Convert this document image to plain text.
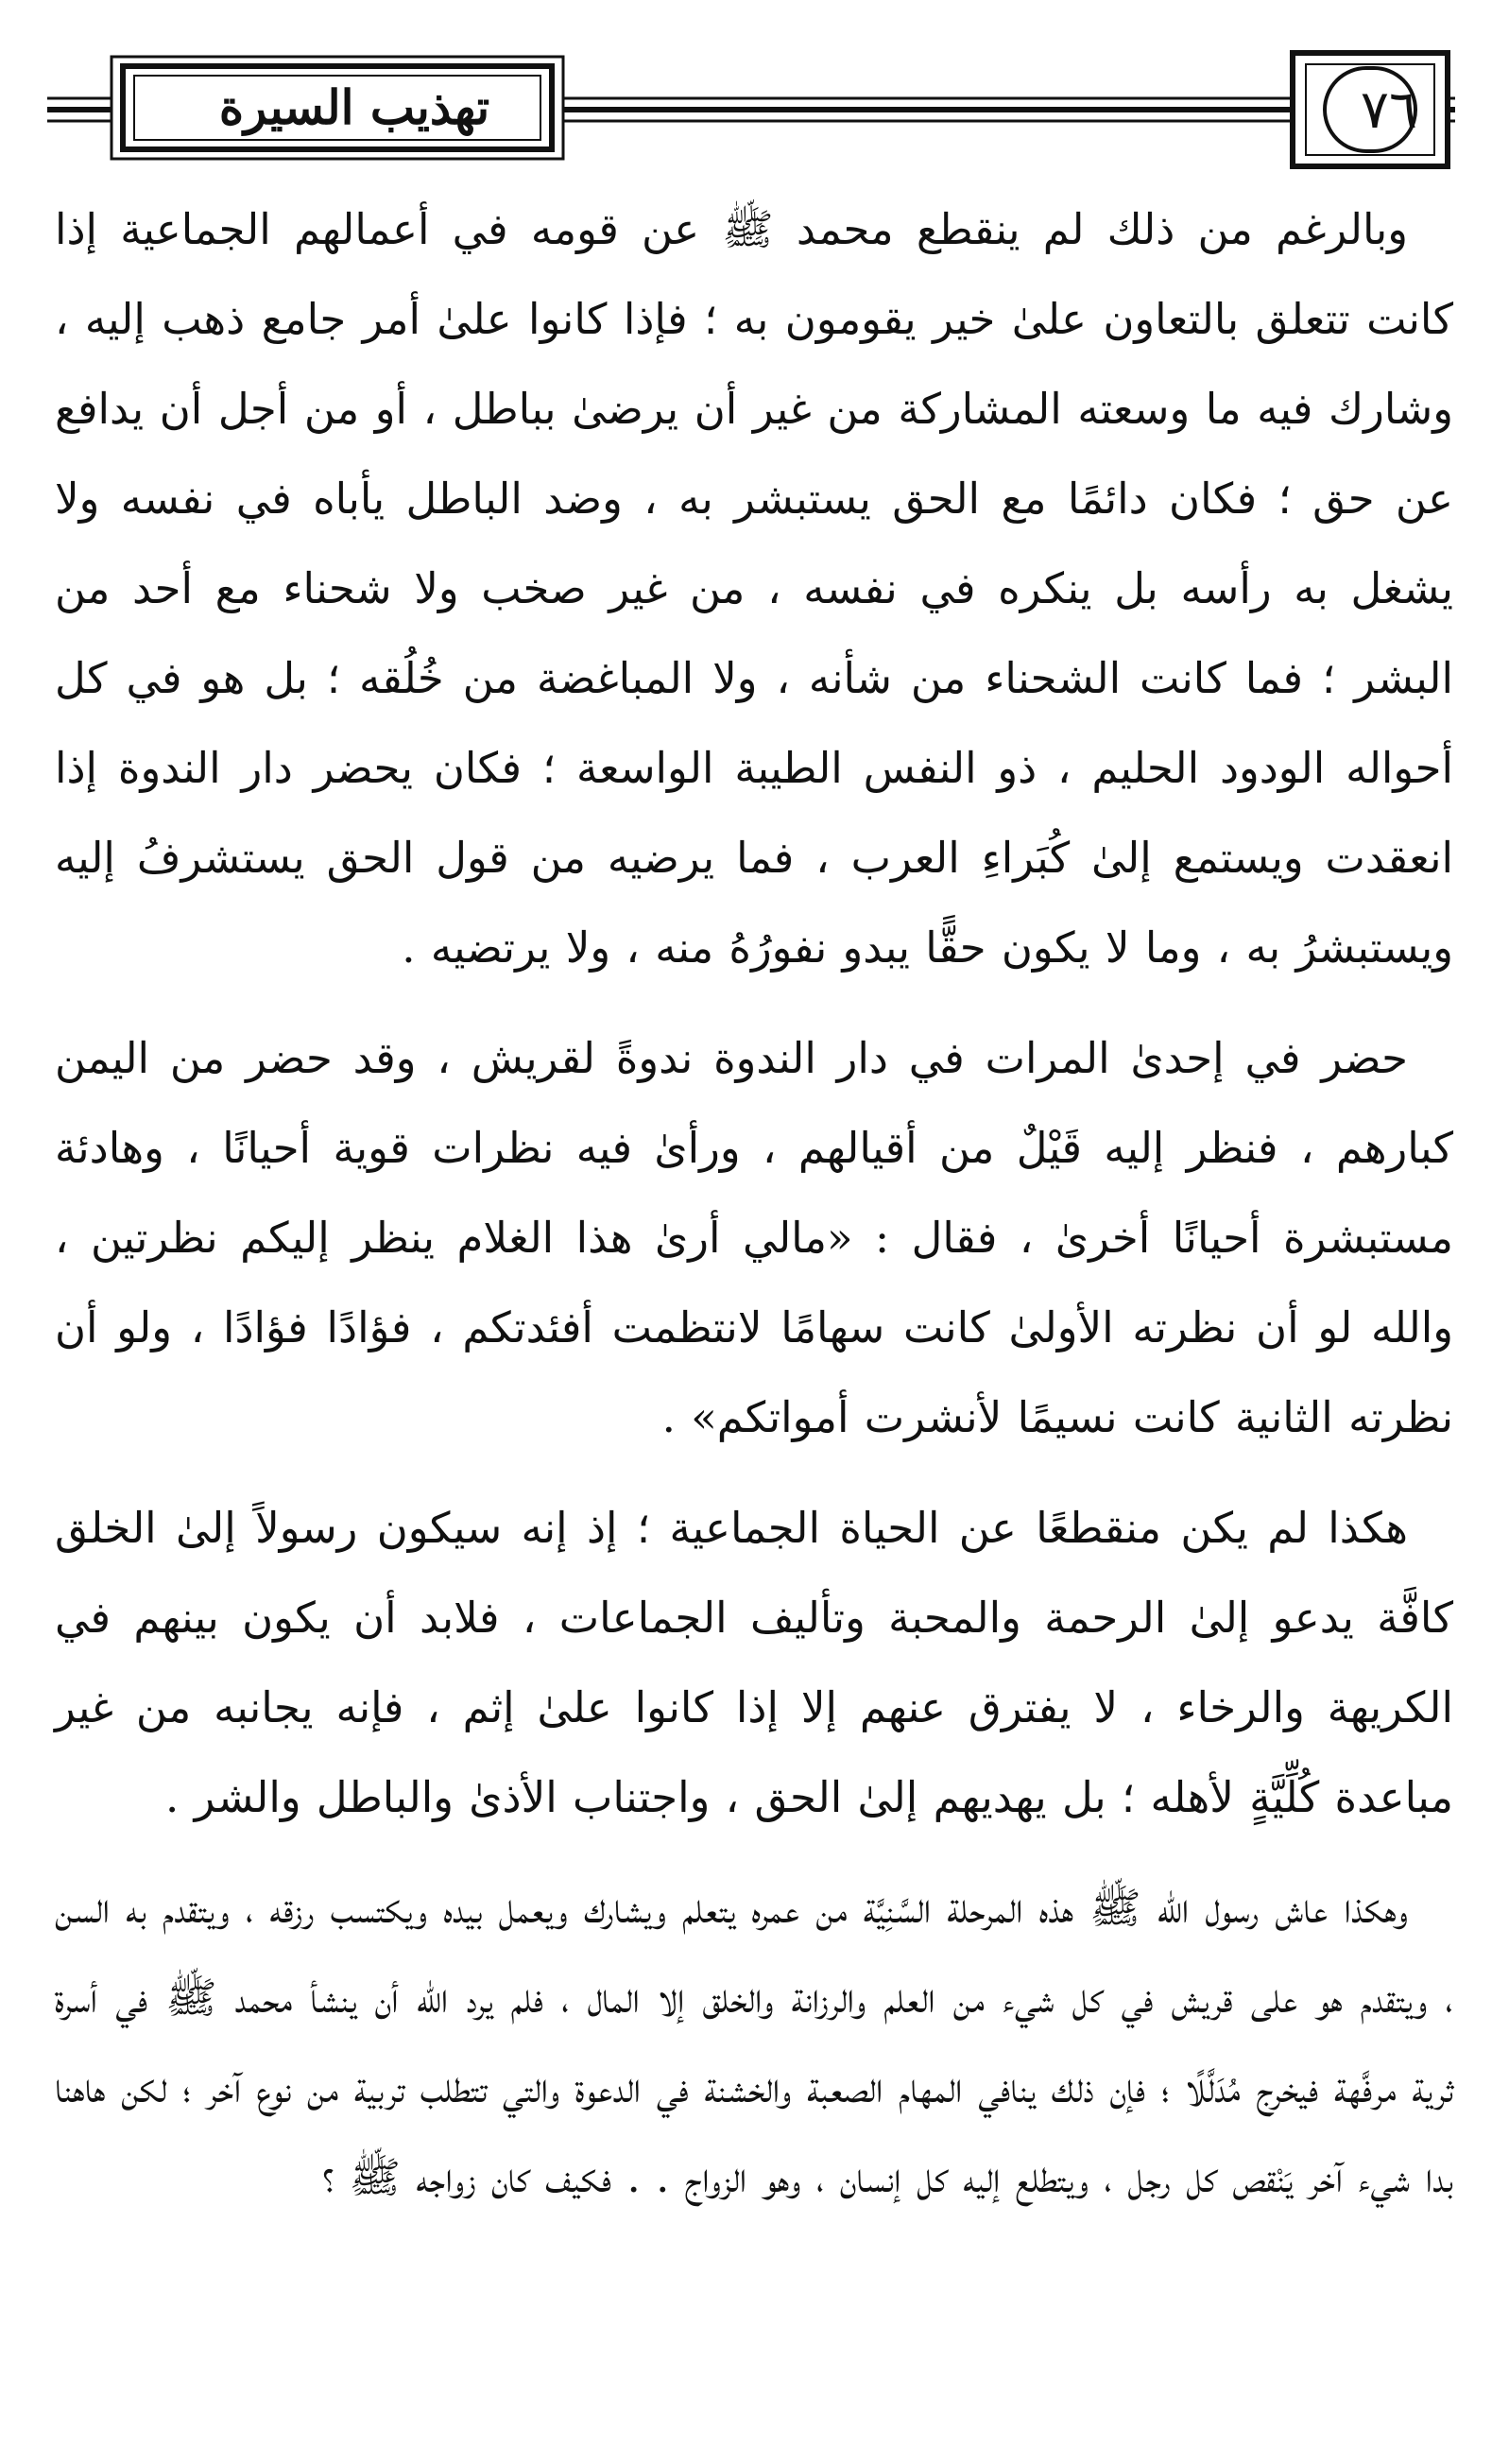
تهذيب السيرة	٧٦

وبالرغم من ذلك لم ينقطع محمد ﷺ عن قومه في أعمالهم الجماعية إذا كانت تتعلق بالتعاون علىٰ خير يقومون به ؛ فإذا كانوا علىٰ أمر جامع ذهب إليه ، وشارك فيه ما وسعته المشاركة من غير أن يرضىٰ بباطل ، أو من أجل أن يدافع عن حق ؛ فكان دائمًا مع الحق يستبشر به ، وضد الباطل يأباه في نفسه ولا يشغل به رأسه بل ينكره في نفسه ، من غير صخب ولا شحناء مع أحد من البشر ؛ فما كانت الشحناء من شأنه ، ولا المباغضة من خُلُقه ؛ بل هو في كل أحواله الودود الحليم ، ذو النفس الطيبة الواسعة ؛ فكان يحضر دار الندوة إذا انعقدت ويستمع إلىٰ كُبَراءِ العرب ، فما يرضيه من قول الحق يستشرفُ إليه ويستبشرُ به ، وما لا يكون حقًّا يبدو نفورُهُ منه ، ولا يرتضيه .

حضر في إحدىٰ المرات في دار الندوة ندوةً لقريش ، وقد حضر من اليمن كبارهم ، فنظر إليه قَيْلٌ من أقيالهم ، ورأىٰ فيه نظرات قوية أحيانًا ، وهادئة مستبشرة أحيانًا أخرىٰ ، فقال : «مالي أرىٰ هذا الغلام ينظر إليكم نظرتين ، والله لو أن نظرته الأولىٰ كانت سهامًا لانتظمت أفئدتكم ، فؤادًا فؤادًا ، ولو أن نظرته الثانية كانت نسيمًا لأنشرت أمواتكم» .

هكذا لم يكن منقطعًا عن الحياة الجماعية ؛ إذ إنه سيكون رسولاً إلىٰ الخلق كافَّة يدعو إلىٰ الرحمة والمحبة وتأليف الجماعات ، فلابد أن يكون بينهم في الكريهة والرخاء ، لا يفترق عنهم إلا إذا كانوا علىٰ إثم ، فإنه يجانبه من غير مباعدة كُلِّيَّةٍ لأهله ؛ بل يهديهم إلىٰ الحق ، واجتناب الأذىٰ والباطل والشر .

وهكذا عاش رسول الله ﷺ هذه المرحلة السَّنِيَّة من عمره يتعلم ويشارك ويعمل بيده ويكتسب رزقه ، ويتقدم به السن ، ويتقدم هو على قريش في كل شيء من العلم والرزانة والخلق إلا المال ، فلم يرد الله أن ينشأ محمد ﷺ في أسرة ثرية مرفَّهة فيخرج مُدَلَّلًا ؛ فإن ذلك ينافي المهام الصعبة والخشنة في الدعوة والتي تتطلب تربية من نوع آخر ؛ لكن هاهنا بدا شيء آخر يَنْقص كل رجل ، ويتطلع إليه كل إنسان ، وهو الزواج . . فكيف كان زواجه ﷺ ؟
